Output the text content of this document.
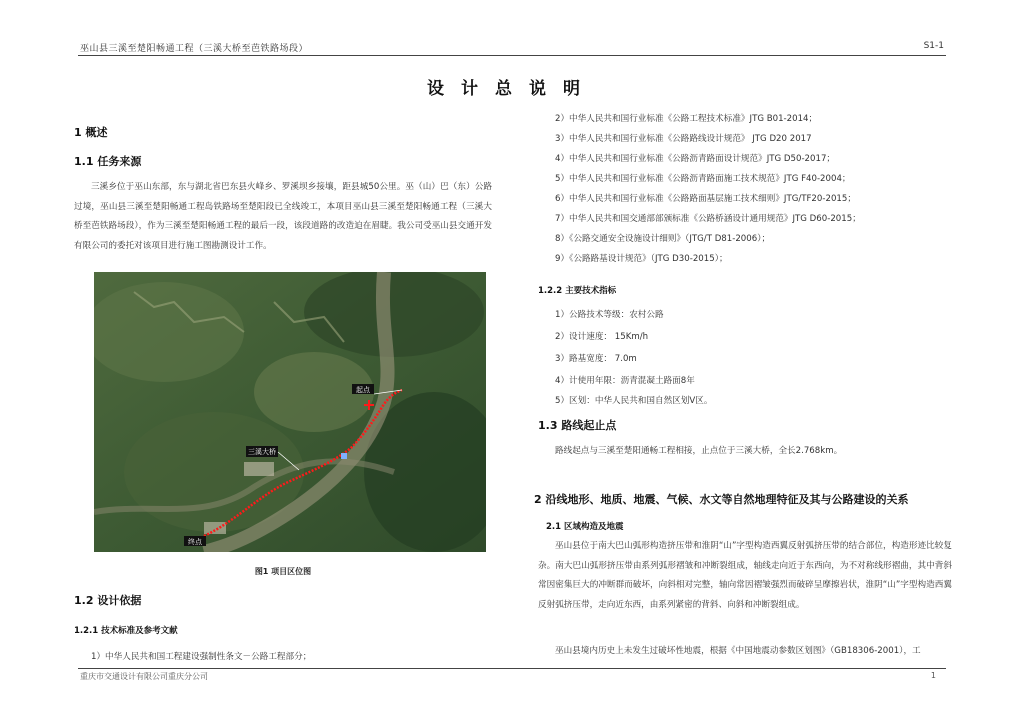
巫山县三溪至楚阳畅通工程（三溪大桥至芭铁路场段）	S1-1
设计总说明
1 概述
1.1 任务来源
三溪乡位于巫山东部，东与湖北省巴东县火峰乡、罗溪坝乡接壤，距县城50公里。巫（山）巴（东）公路过境，巫山县三溪至楚阳畅通工程岛铁路场至楚阳段已全线竣工，本项目巫山县三溪至楚阳畅通工程（三溪大桥至芭铁路场段），作为三溪至楚阳畅通工程的最后一段，该段道路的改造迫在眉睫。我公司受巫山县交通开发有限公司的委托对该项目进行施工图勘测设计工作。
起点
三溪大桥
终点
图1 项目区位图
1.2 设计依据
1.2.1 技术标准及参考文献
1）中华人民共和国工程建设强制性条文－公路工程部分；
2）中华人民共和国行业标准《公路工程技术标准》JTG B01-2014；
3）中华人民共和国行业标准《公路路线设计规范》 JTG D20 2017
4）中华人民共和国行业标准《公路沥青路面设计规范》JTG D50-2017；
5）中华人民共和国行业标准《公路沥青路面施工技术规范》JTG F40-2004；
6）中华人民共和国行业标准《公路路面基层施工技术细则》JTG/TF20-2015；
7）中华人民共和国交通部部颁标准《公路桥涵设计通用规范》JTG D60-2015；
8）《公路交通安全设施设计细则》（JTG/T D81-2006）；
9）《公路路基设计规范》（JTG D30-2015）；
1.2.2 主要技术指标
1）公路技术等级：农村公路
2）设计速度： 15Km/h
3）路基宽度： 7.0m
4）计使用年限：沥青混凝土路面8年
5）区划：中华人民共和国自然区划Ⅴ区。
1.3 路线起止点
路线起点与三溪至楚阳通畅工程相接，止点位于三溪大桥，全长2.768km。
2 沿线地形、地质、地震、气候、水文等自然地理特征及其与公路建设的关系
2.1 区域构造及地震
巫山县位于南大巴山弧形构造挤压带和淮阴“山”字型构造西翼反射弧挤压带的结合部位，构造形迹比较复杂。南大巴山弧形挤压带由系列弧形褶皱和冲断裂组成，轴线走向近于东西向，为不对称线形褶曲，其中背斜常因密集巨大的冲断群而破坏，向斜相对完整，轴向常因褶皱强烈而破碎呈摩擦岩状，淮阴“山”字型构造西翼反射弧挤压带，走向近东西，由系列紧密的背斜、向斜和冲断裂组成。
巫山县境内历史上未发生过破坏性地震，根据《中国地震动参数区划图》（GB18306-2001），工
重庆市交通设计有限公司重庆分公司	1
